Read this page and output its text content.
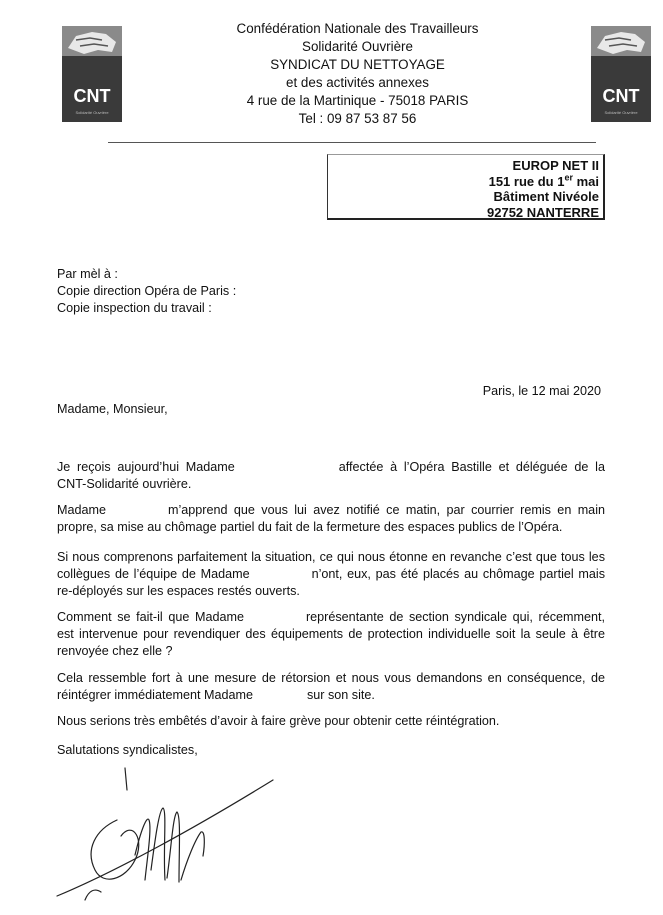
CNT
Solidarité Ouvrière
CNT
Solidarité Ouvrière
Confédération Nationale des Travailleurs
Solidarité Ouvrière
SYNDICAT DU NETTOYAGE
et des activités annexes
4 rue de la Martinique - 75018 PARIS
Tel : 09 87 53 87 56
EUROP NET II
151 rue du 1er mai
Bâtiment Nivéole
92752 NANTERRE
Par mèl à :
Copie direction Opéra de Paris :
Copie inspection du travail :
Paris, le 12 mai 2020
Madame, Monsieur,
Je reçois aujourd’hui Madame	affectée à l’Opéra Bastille et déléguée de la CNT-Solidarité ouvrière.
Madame	m’apprend que vous lui avez notifié ce matin, par courrier remis en main propre, sa mise au chômage partiel du fait de la fermeture des espaces publics de l’Opéra.
Si nous comprenons parfaitement la situation, ce qui nous étonne en revanche c’est que tous les collègues de l’équipe de Madame	n’ont, eux, pas été placés au chômage partiel mais re-déployés sur les espaces restés ouverts.
Comment se fait-il que Madame	représentante de section syndicale qui, récemment, est intervenue pour revendiquer des équipements de protection individuelle soit la seule à être renvoyée chez elle ?
Cela ressemble fort à une mesure de rétorsion et nous vous demandons en conséquence, de réintégrer immédiatement Madame	sur son site.
Nous serions très embêtés d’avoir à faire grève pour obtenir cette réintégration.
Salutations syndicalistes,
